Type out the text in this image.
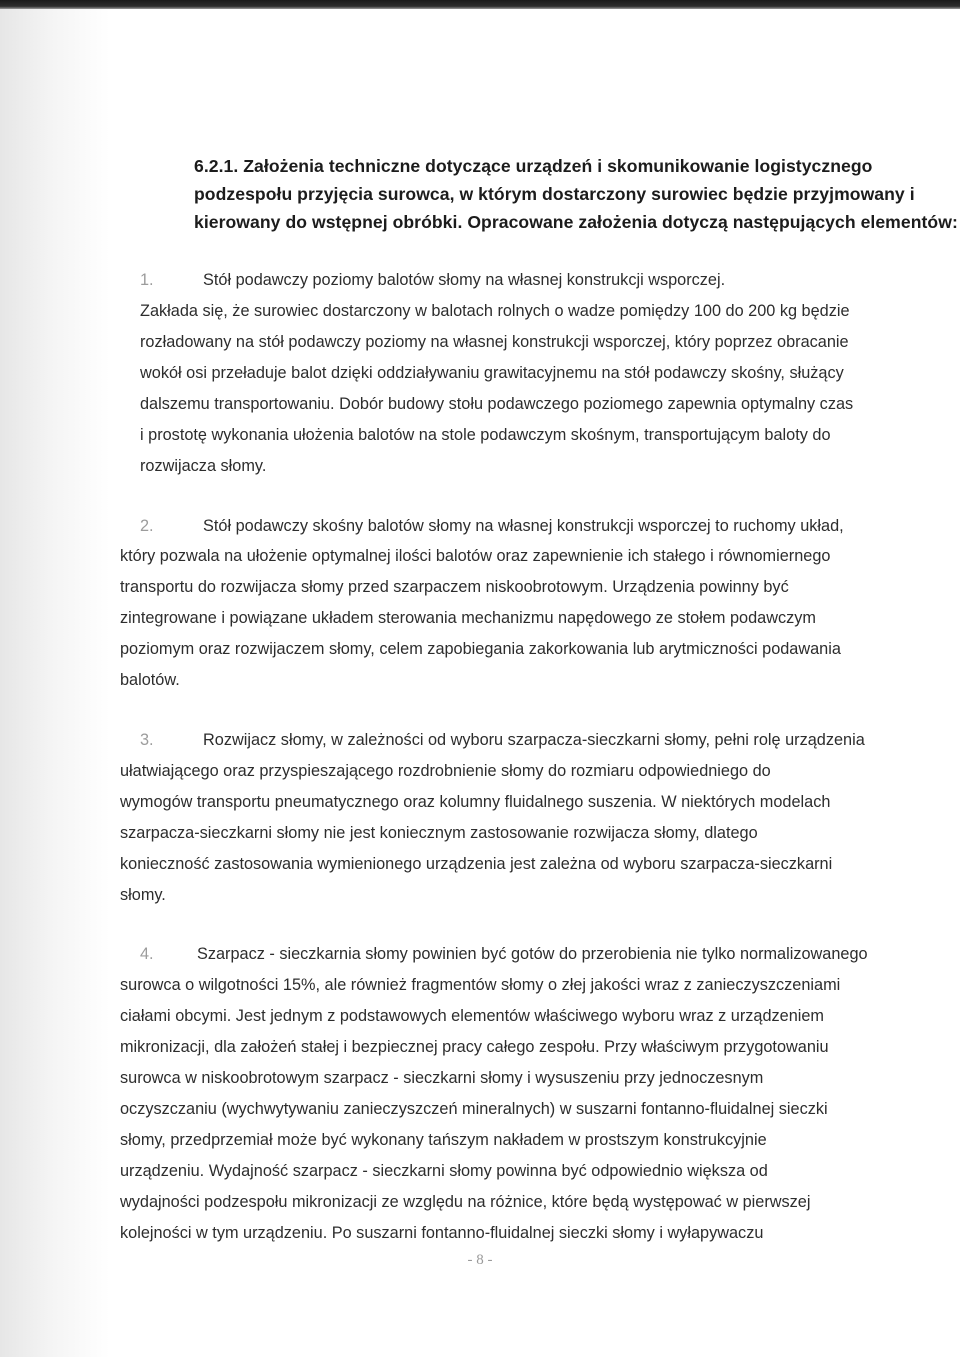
6.2.1. Założenia techniczne dotyczące urządzeń i skomunikowanie logistycznego
podzespołu przyjęcia surowca, w którym dostarczony surowiec będzie przyjmowany i
kierowany do wstępnej obróbki. Opracowane założenia dotyczą następujących elementów:
1.	Stół podawczy poziomy balotów słomy na własnej konstrukcji wsporczej.
Zakłada się, że surowiec dostarczony w balotach rolnych o wadze pomiędzy 100 do 200 kg będzie
rozładowany na stół podawczy poziomy na własnej konstrukcji wsporczej, który poprzez obracanie
wokół osi przeładuje balot dzięki oddziaływaniu grawitacyjnemu na stół podawczy skośny, służący
dalszemu transportowaniu. Dobór budowy stołu podawczego poziomego zapewnia optymalny czas
i prostotę wykonania ułożenia balotów na stole podawczym skośnym, transportującym baloty do
rozwijacza słomy.
2.	Stół podawczy skośny balotów słomy na własnej konstrukcji wsporczej to ruchomy układ,
który pozwala na ułożenie optymalnej ilości balotów oraz zapewnienie ich stałego i równomiernego
transportu do rozwijacza słomy przed szarpaczem niskoobrotowym. Urządzenia powinny być
zintegrowane i powiązane układem sterowania mechanizmu napędowego ze stołem podawczym
poziomym oraz rozwijaczem słomy, celem zapobiegania zakorkowania lub arytmiczności podawania
balotów.
3.	Rozwijacz słomy, w zależności od wyboru szarpacza-sieczkarni słomy, pełni rolę urządzenia
ułatwiającego oraz przyspieszającego rozdrobnienie słomy do rozmiaru odpowiedniego do
wymogów transportu pneumatycznego oraz kolumny fluidalnego suszenia. W niektórych modelach
szarpacza-sieczkarni słomy nie jest koniecznym zastosowanie rozwijacza słomy, dlatego
konieczność zastosowania wymienionego urządzenia jest zależna od wyboru szarpacza-sieczkarni
słomy.
4.	Szarpacz - sieczkarnia słomy powinien być gotów do przerobienia nie tylko normalizowanego
surowca o wilgotności 15%, ale również fragmentów słomy o złej jakości wraz z zanieczyszczeniami
ciałami obcymi. Jest jednym z podstawowych elementów właściwego wyboru wraz z urządzeniem
mikronizacji, dla założeń stałej i bezpiecznej pracy całego zespołu. Przy właściwym przygotowaniu
surowca w niskoobrotowym szarpacz - sieczkarni słomy i wysuszeniu przy jednoczesnym
oczyszczaniu (wychwytywaniu zanieczyszczeń mineralnych) w suszarni fontanno-fluidalnej sieczki
słomy, przedprzemiał może być wykonany tańszym nakładem w prostszym konstrukcyjnie
urządzeniu. Wydajność szarpacz - sieczkarni słomy powinna być odpowiednio większa od
wydajności podzespołu mikronizacji ze względu na różnice, które będą występować w pierwszej
kolejności w tym urządzeniu. Po suszarni fontanno-fluidalnej sieczki słomy i wyłapywaczu
- 8 -
